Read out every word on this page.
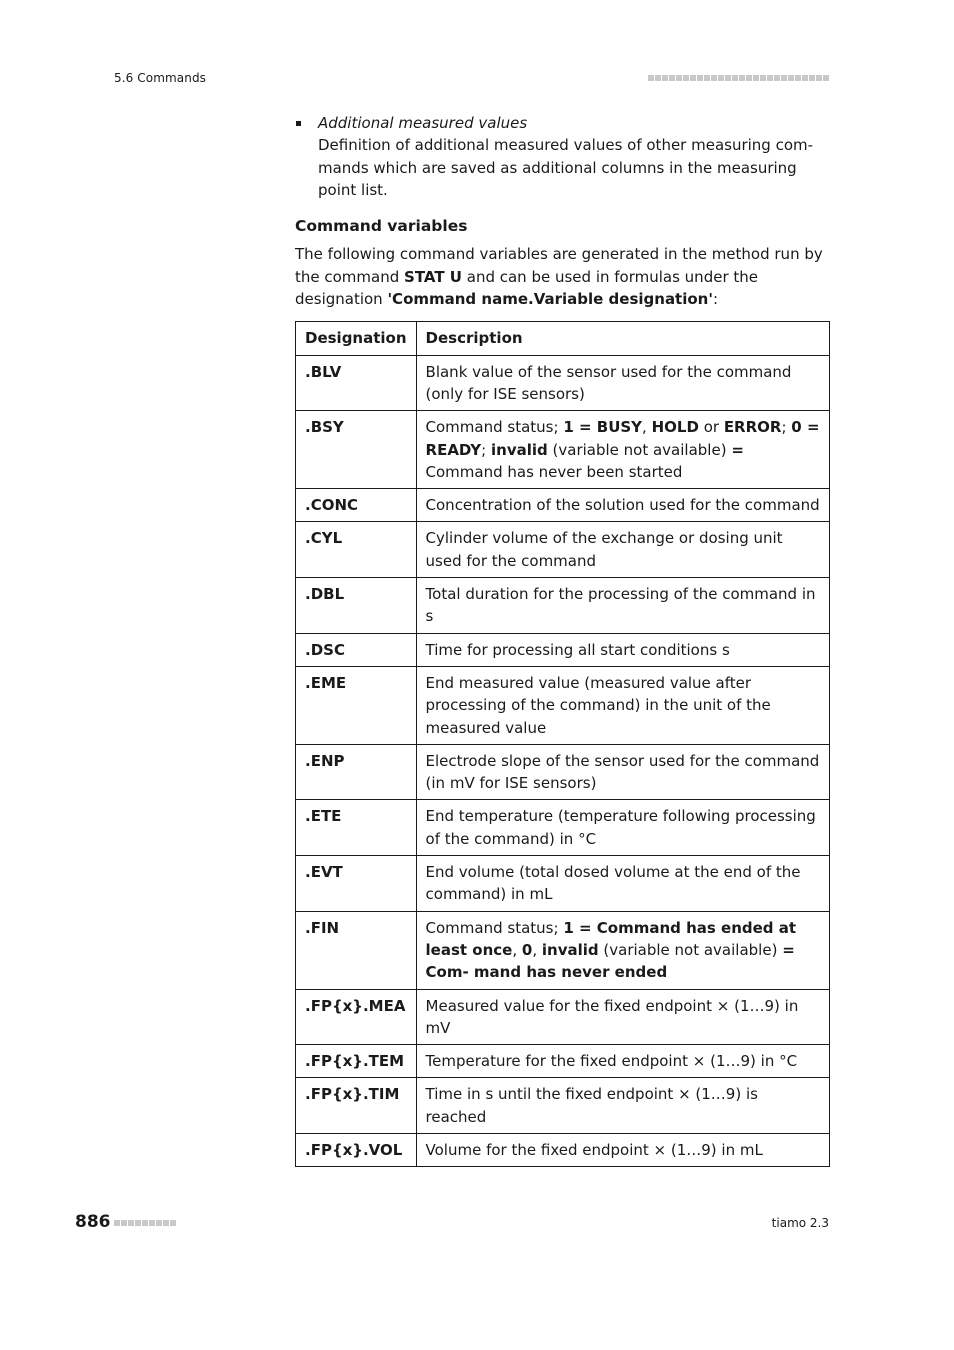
5.6 Commands
Additional measured values
Definition of additional measured values of other measuring com- mands which are saved as additional columns in the measuring point list.
Command variables
The following command variables are generated in the method run by the command STAT U and can be used in formulas under the designation 'Command name.Variable designation':
Designation	Description
.BLV	Blank value of the sensor used for the command (only for ISE sensors)
.BSY	Command status; 1 = BUSY, HOLD or ERROR; 0 = READY; invalid (variable not available) = Command has never been started
.CONC	Concentration of the solution used for the command
.CYL	Cylinder volume of the exchange or dosing unit used for the command
.DBL	Total duration for the processing of the command in s
.DSC	Time for processing all start conditions s
.EME	End measured value (measured value after processing of the command) in the unit of the measured value
.ENP	Electrode slope of the sensor used for the command (in mV for ISE sensors)
.ETE	End temperature (temperature following processing of the command) in °C
.EVT	End volume (total dosed volume at the end of the command) in mL
.FIN	Command status; 1 = Command has ended at least once, 0, invalid (variable not available) = Com- mand has never ended
.FP{x}.MEA	Measured value for the fixed endpoint × (1…9) in mV
.FP{x}.TEM	Temperature for the fixed endpoint × (1…9) in °C
.FP{x}.TIM	Time in s until the fixed endpoint × (1…9) is reached
.FP{x}.VOL	Volume for the fixed endpoint × (1…9) in mL
886	tiamo 2.3
